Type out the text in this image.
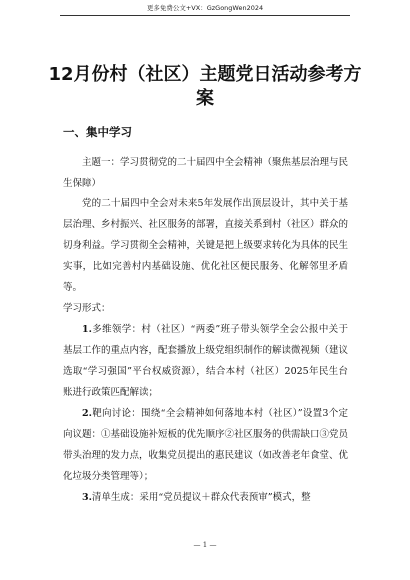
更多免费公文+VX：GzGongWen2024
12月份村（社区）主题党日活动参考方案
一、集中学习

主题一：学习贯彻党的二十届四中全会精神（聚焦基层治理与民生保障）

党的二十届四中全会对未来5年发展作出顶层设计，其中关于基层治理、乡村振兴、社区服务的部署，直接关系到村（社区）群众的切身利益。学习贯彻全会精神，关键是把上级要求转化为具体的民生实事，比如完善村内基础设施、优化社区便民服务、化解邻里矛盾等。

学习形式：

1.多维领学：村（社区）“两委”班子带头领学全会公报中关于基层工作的重点内容，配套播放上级党组织制作的解读微视频（建议选取“学习强国”平台权威资源），结合本村（社区）2025年民生台账进行政策匹配解读；

2.靶向讨论：围绕“全会精神如何落地本村（社区）”设置3个定向议题：①基础设施补短板的优先顺序②社区服务的供需缺口③党员带头治理的发力点，收集党员提出的惠民建议（如改善老年食堂、优化垃圾分类管理等）；

3.清单生成：采用“党员提议＋群众代表预审”模式，整

— 1 —
